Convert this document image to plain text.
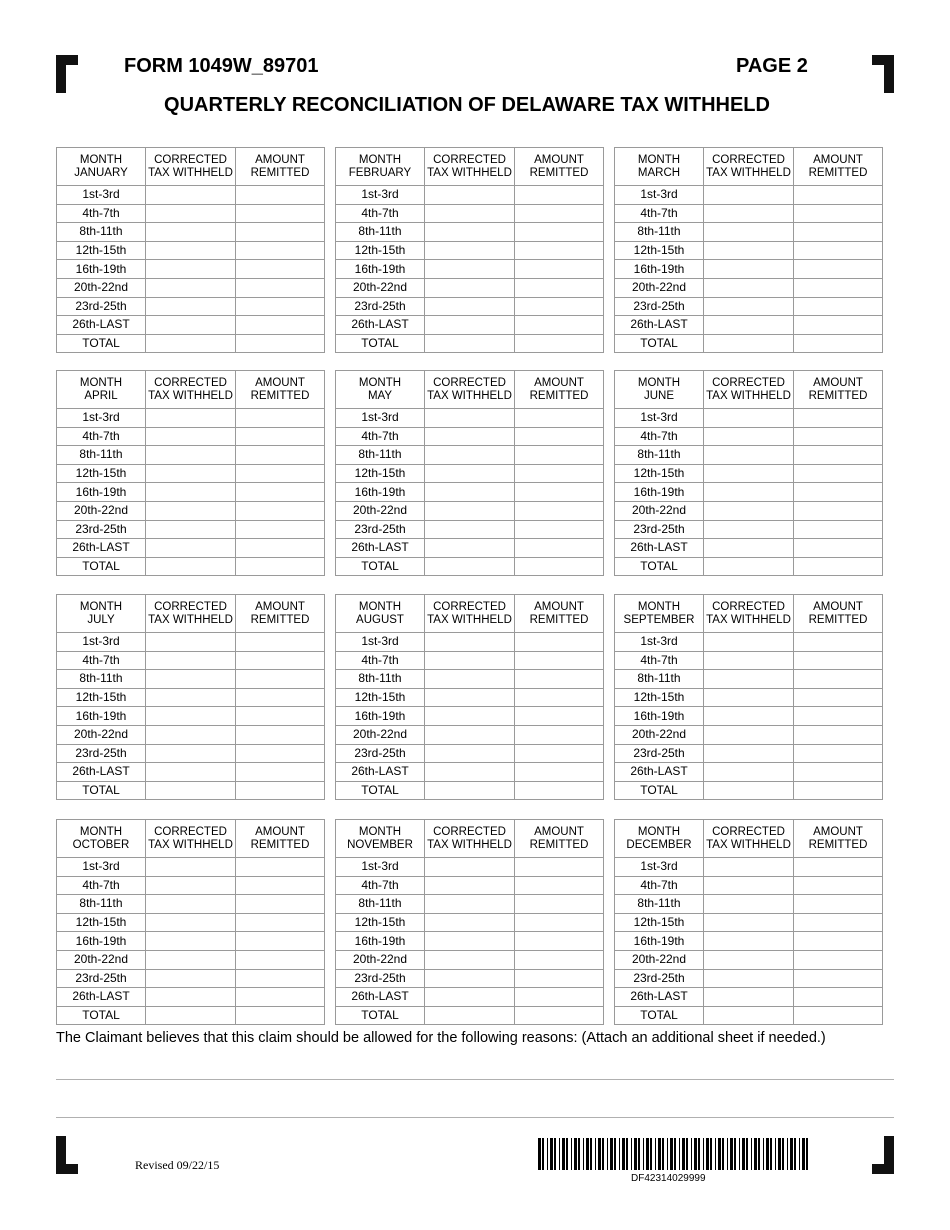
FORM 1049W_89701	PAGE 2
QUARTERLY RECONCILIATION OF DELAWARE TAX WITHHELD
MONTH
JANUARY	CORRECTED TAX WITHHELD	AMOUNT REMITTED
1st-3rd		
4th-7th		
8th-11th		
12th-15th		
16th-19th		
20th-22nd		
23rd-25th		
26th-LAST		
TOTAL		
MONTH
FEBRUARY	CORRECTED TAX WITHHELD	AMOUNT REMITTED
1st-3rd		
4th-7th		
8th-11th		
12th-15th		
16th-19th		
20th-22nd		
23rd-25th		
26th-LAST		
TOTAL		
MONTH
MARCH	CORRECTED TAX WITHHELD	AMOUNT REMITTED
1st-3rd		
4th-7th		
8th-11th		
12th-15th		
16th-19th		
20th-22nd		
23rd-25th		
26th-LAST		
TOTAL		
MONTH
APRIL	CORRECTED TAX WITHHELD	AMOUNT REMITTED
1st-3rd		
4th-7th		
8th-11th		
12th-15th		
16th-19th		
20th-22nd		
23rd-25th		
26th-LAST		
TOTAL		
MONTH
MAY	CORRECTED TAX WITHHELD	AMOUNT REMITTED
1st-3rd		
4th-7th		
8th-11th		
12th-15th		
16th-19th		
20th-22nd		
23rd-25th		
26th-LAST		
TOTAL		
MONTH
JUNE	CORRECTED TAX WITHHELD	AMOUNT REMITTED
1st-3rd		
4th-7th		
8th-11th		
12th-15th		
16th-19th		
20th-22nd		
23rd-25th		
26th-LAST		
TOTAL		
MONTH
JULY	CORRECTED TAX WITHHELD	AMOUNT REMITTED
1st-3rd		
4th-7th		
8th-11th		
12th-15th		
16th-19th		
20th-22nd		
23rd-25th		
26th-LAST		
TOTAL		
MONTH
AUGUST	CORRECTED TAX WITHHELD	AMOUNT REMITTED
1st-3rd		
4th-7th		
8th-11th		
12th-15th		
16th-19th		
20th-22nd		
23rd-25th		
26th-LAST		
TOTAL		
MONTH
SEPTEMBER	CORRECTED TAX WITHHELD	AMOUNT REMITTED
1st-3rd		
4th-7th		
8th-11th		
12th-15th		
16th-19th		
20th-22nd		
23rd-25th		
26th-LAST		
TOTAL		
MONTH
OCTOBER	CORRECTED TAX WITHHELD	AMOUNT REMITTED
1st-3rd		
4th-7th		
8th-11th		
12th-15th		
16th-19th		
20th-22nd		
23rd-25th		
26th-LAST		
TOTAL		
MONTH
NOVEMBER	CORRECTED TAX WITHHELD	AMOUNT REMITTED
1st-3rd		
4th-7th		
8th-11th		
12th-15th		
16th-19th		
20th-22nd		
23rd-25th		
26th-LAST		
TOTAL		
MONTH
DECEMBER	CORRECTED TAX WITHHELD	AMOUNT REMITTED
1st-3rd		
4th-7th		
8th-11th		
12th-15th		
16th-19th		
20th-22nd		
23rd-25th		
26th-LAST		
TOTAL		
The Claimant believes that this claim should be allowed for the following reasons: (Attach an additional sheet if needed.)
Revised 09/22/15
DF42314029999
